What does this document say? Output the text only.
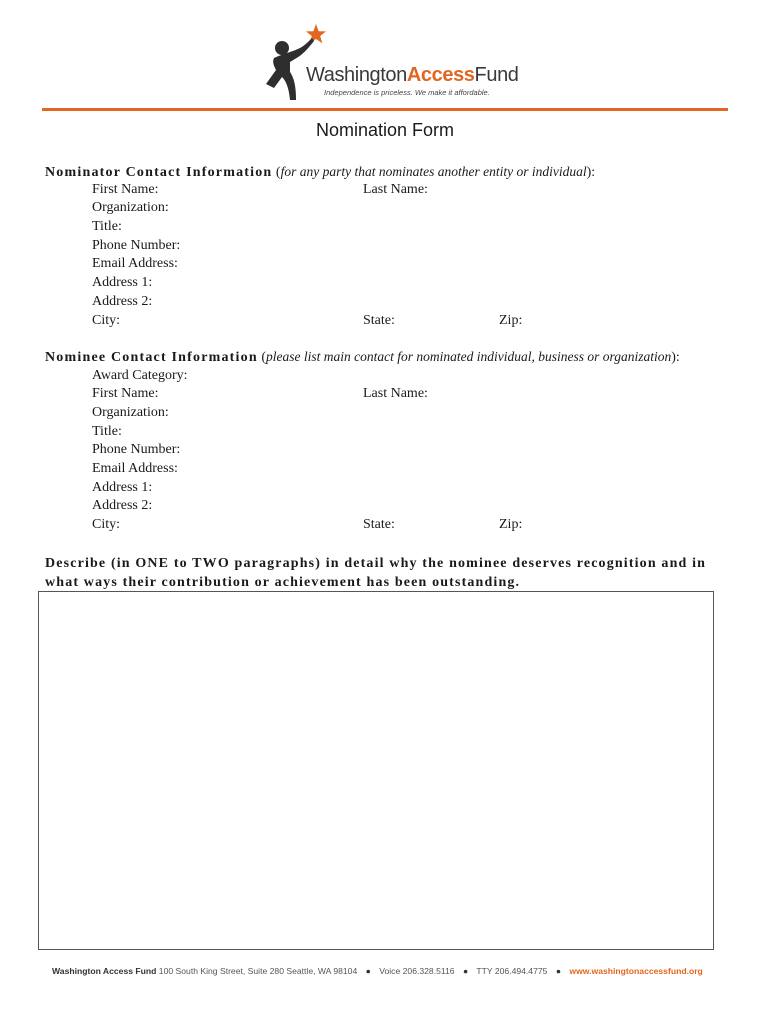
WashingtonAccessFund
Independence is priceless. We make it affordable.
Nomination Form
Nominator Contact Information (for any party that nominates another entity or individual):
First Name:	Last Name:
Organization:
Title:
Phone Number:
Email Address:
Address 1:
Address 2:
City:	State:	Zip:
Nominee Contact Information (please list main contact for nominated individual, business or organization):
Award Category:
First Name:	Last Name:
Organization:
Title:
Phone Number:
Email Address:
Address 1:
Address 2:
City:	State:	Zip:
Describe (in ONE to TWO paragraphs) in detail why the nominee deserves recognition and in what ways their contribution or achievement has been outstanding.
Washington Access Fund 100 South King Street, Suite 280 Seattle, WA 98104 ● Voice 206.328.5116 ● TTY 206.494.4775 ● www.washingtonaccessfund.org
